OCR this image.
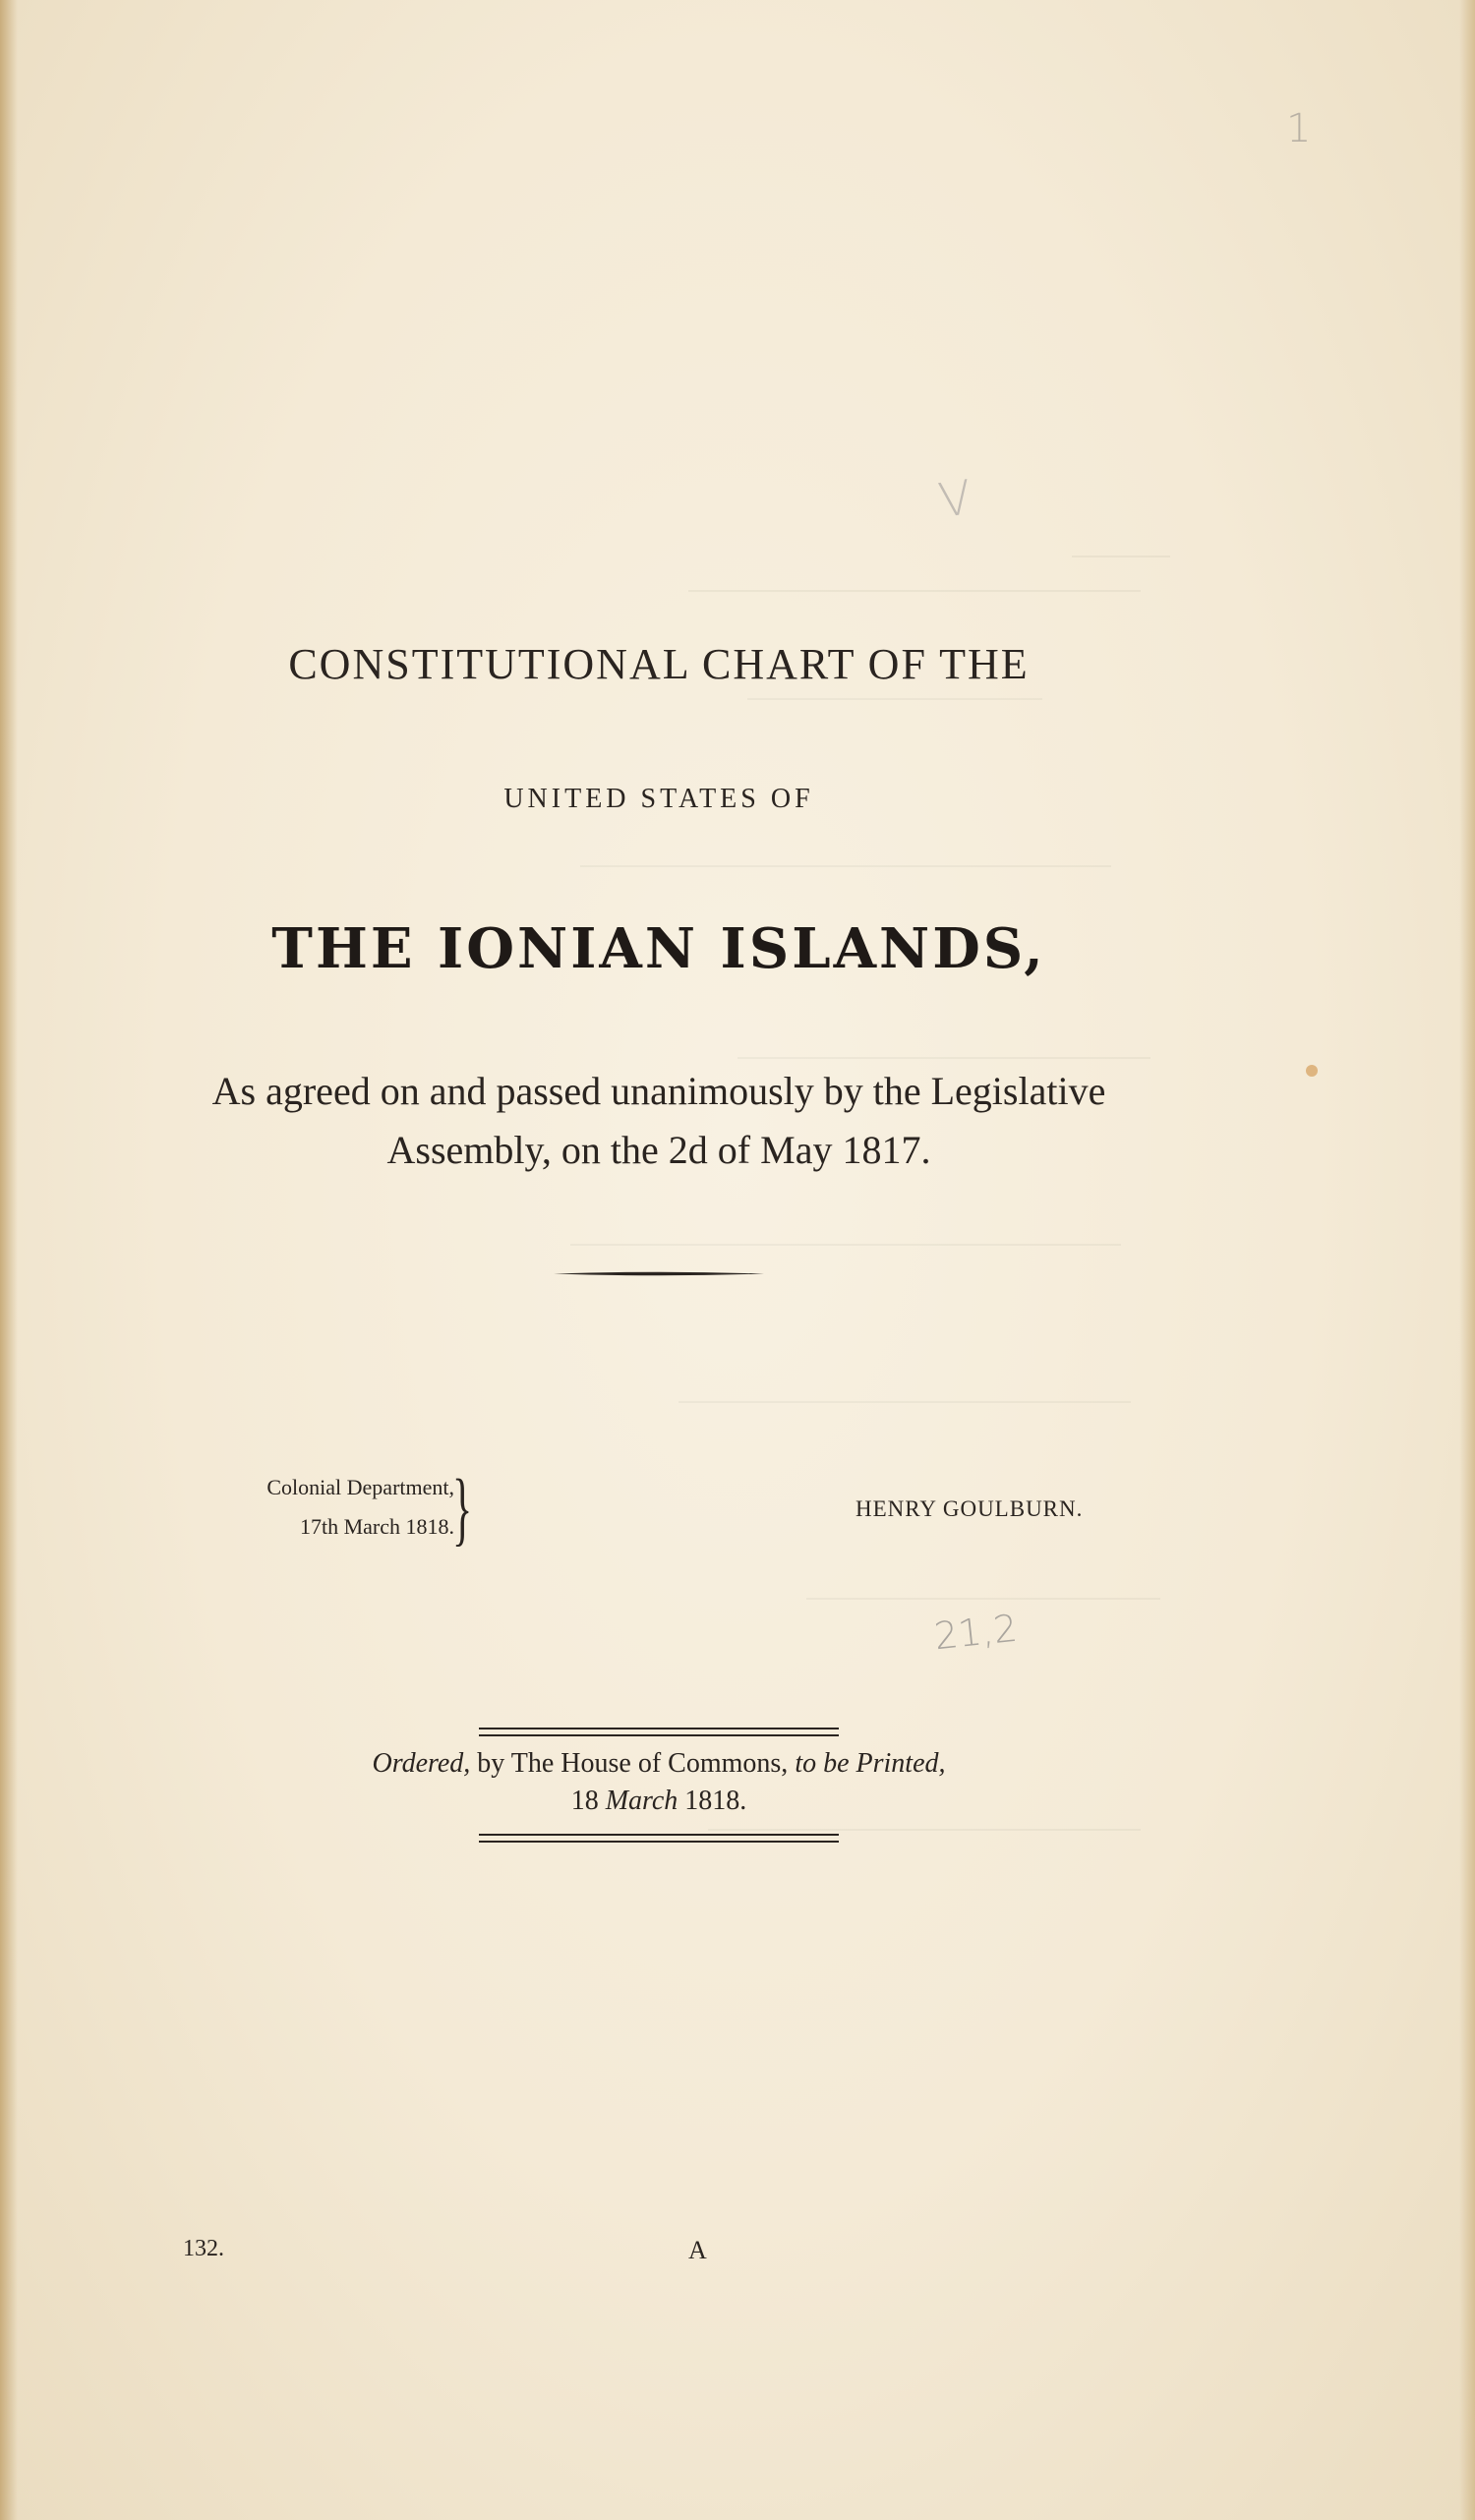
1
V
21,2
CONSTITUTIONAL CHART OF THE
UNITED STATES OF
THE IONIAN ISLANDS,
As agreed on and passed unanimously by the Legislative
Assembly, on the 2d of May 1817.
Colonial Department,
17th March 1818.
}	HENRY GOULBURN.
Ordered, by The House of Commons, to be Printed,
18 March 1818.
132.	A
